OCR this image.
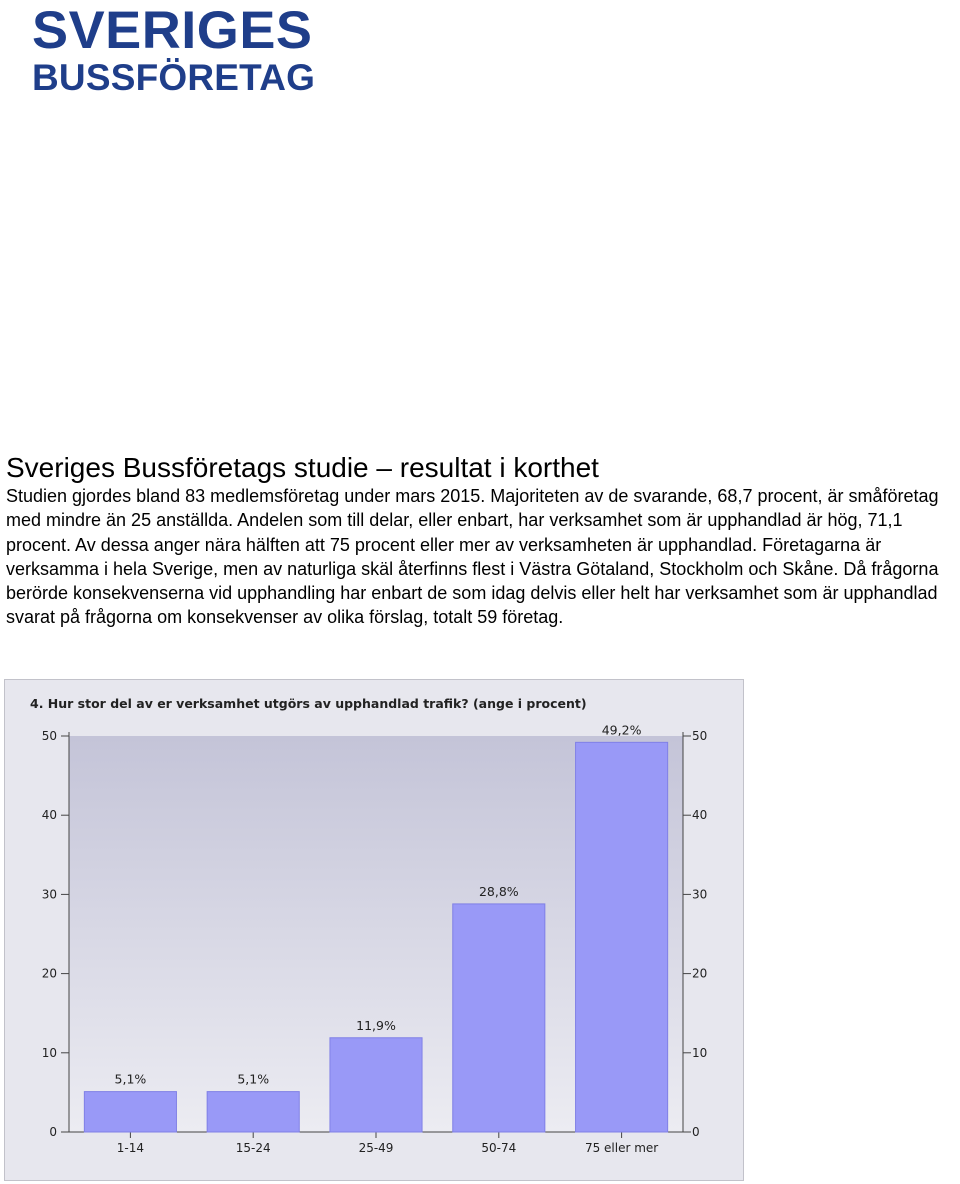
SVERIGES
BUSSFÖRETAG
Sveriges Bussföretags studie – resultat i korthet

Studien gjordes bland 83 medlemsföretag under mars 2015. Majoriteten av de svarande, 68,7 procent, är småföretag med mindre än 25 anställda. Andelen som till delar, eller enbart, har verksamhet som är upphandlad är hög, 71,1 procent. Av dessa anger nära hälften att 75 procent eller mer av verksamheten är upphandlad. Företagarna är verksamma i hela Sverige, men av naturliga skäl återfinns flest i Västra Götaland, Stockholm och Skåne. Då frågorna berörde konsekvenserna vid upphandling har enbart de som idag delvis eller helt har verksamhet som är upphandlad svarat på frågorna om konsekvenser av olika förslag, totalt 59 företag.

4. Hur stor del av er verksamhet utgörs av upphandlad trafik? (ange i procent)
0	0
10	10
20	20
30	30
40	40
50	50
5,1%
1-14
5,1%
15-24
11,9%
25-49
28,8%
50-74
49,2%
75 eller mer
